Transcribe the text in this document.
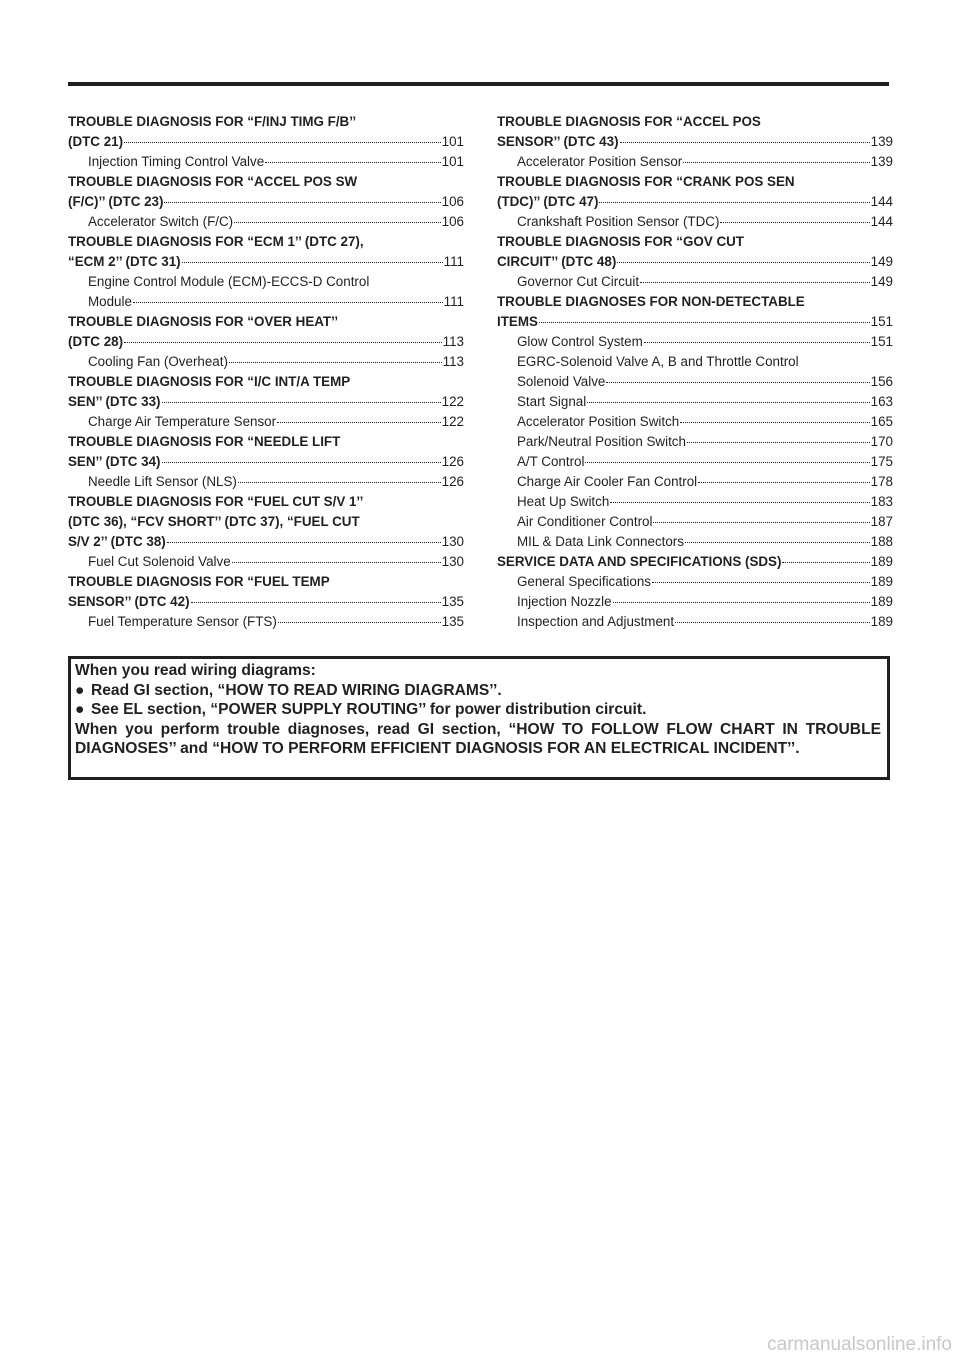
TROUBLE DIAGNOSIS FOR “F/INJ TIMG F/B’’
(DTC 21)	101
Injection Timing Control Valve	101
TROUBLE DIAGNOSIS FOR “ACCEL POS SW
(F/C)’’ (DTC 23)	106
Accelerator Switch (F/C)	106
TROUBLE DIAGNOSIS FOR “ECM 1’’ (DTC 27),
“ECM 2’’ (DTC 31)	111
Engine Control Module (ECM)-ECCS-D Control
Module	111
TROUBLE DIAGNOSIS FOR “OVER HEAT’’
(DTC 28)	113
Cooling Fan (Overheat)	113
TROUBLE DIAGNOSIS FOR “I/C INT/A TEMP
SEN’’ (DTC 33)	122
Charge Air Temperature Sensor	122
TROUBLE DIAGNOSIS FOR “NEEDLE LIFT
SEN’’ (DTC 34)	126
Needle Lift Sensor (NLS)	126
TROUBLE DIAGNOSIS FOR “FUEL CUT S/V 1’’
(DTC 36), “FCV SHORT’’ (DTC 37), “FUEL CUT
S/V 2’’ (DTC 38)	130
Fuel Cut Solenoid Valve	130
TROUBLE DIAGNOSIS FOR “FUEL TEMP
SENSOR’’ (DTC 42)	135
Fuel Temperature Sensor (FTS)	135
TROUBLE DIAGNOSIS FOR “ACCEL POS
SENSOR’’ (DTC 43)	139
Accelerator Position Sensor	139
TROUBLE DIAGNOSIS FOR “CRANK POS SEN
(TDC)’’ (DTC 47)	144
Crankshaft Position Sensor (TDC)	144
TROUBLE DIAGNOSIS FOR “GOV CUT
CIRCUIT’’ (DTC 48)	149
Governor Cut Circuit	149
TROUBLE DIAGNOSES FOR NON-DETECTABLE
ITEMS	151
Glow Control System	151
EGRC-Solenoid Valve A, B and Throttle Control
Solenoid Valve	156
Start Signal	163
Accelerator Position Switch	165
Park/Neutral Position Switch	170
A/T Control	175
Charge Air Cooler Fan Control	178
Heat Up Switch	183
Air Conditioner Control	187
MIL & Data Link Connectors	188
SERVICE DATA AND SPECIFICATIONS (SDS)	189
General Specifications	189
Injection Nozzle	189
Inspection and Adjustment	189
When you read wiring diagrams:
● Read GI section, “HOW TO READ WIRING DIAGRAMS’’.
● See EL section, “POWER SUPPLY ROUTING’’ for power distribution circuit.
When you perform trouble diagnoses, read GI section, “HOW TO FOLLOW FLOW CHART IN TROUBLE DIAGNOSES’’ and “HOW TO PERFORM EFFICIENT DIAGNOSIS FOR AN ELECTRICAL INCIDENT’’.
carmanualsonline.info
